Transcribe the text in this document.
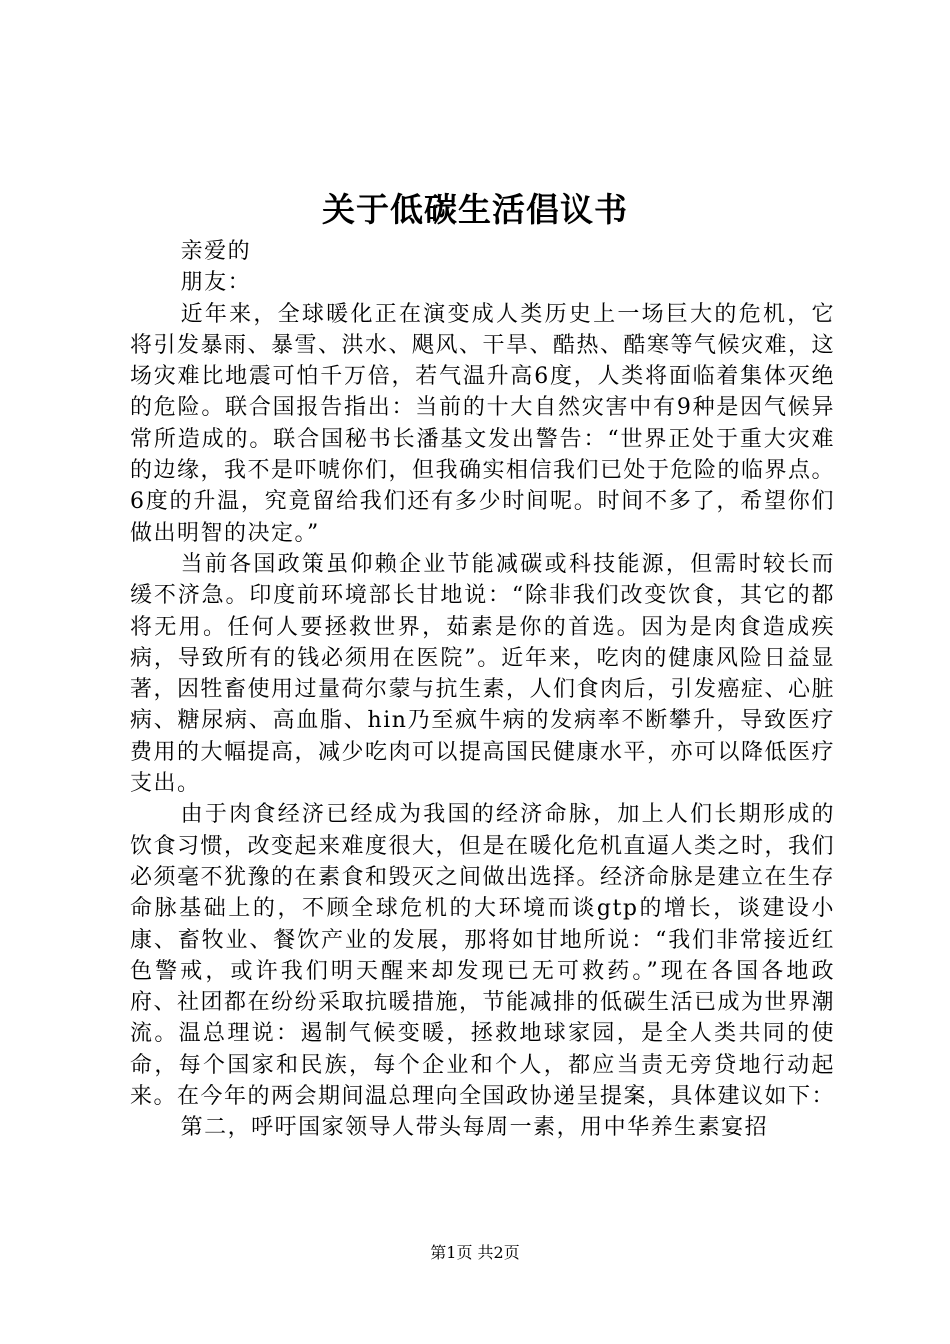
关于低碳生活倡议书

亲爱的

朋友：

近年来，全球暖化正在演变成人类历史上一场巨大的危机，它将引发暴雨、暴雪、洪水、飓风、干旱、酷热、酷寒等气候灾难，这场灾难比地震可怕千万倍，若气温升高6度，人类将面临着集体灭绝的危险。联合国报告指出：当前的十大自然灾害中有9种是因气候异常所造成的。联合国秘书长潘基文发出警告：“世界正处于重大灾难的边缘，我不是吓唬你们，但我确实相信我们已处于危险的临界点。6度的升温，究竟留给我们还有多少时间呢。时间不多了，希望你们做出明智的决定。”

当前各国政策虽仰赖企业节能减碳或科技能源，但需时较长而缓不济急。印度前环境部长甘地说：“除非我们改变饮食，其它的都将无用。任何人要拯救世界，茹素是你的首选。因为是肉食造成疾病，导致所有的钱必须用在医院”。近年来，吃肉的健康风险日益显著，因牲畜使用过量荷尔蒙与抗生素，人们食肉后，引发癌症、心脏病、糖尿病、高血脂、hin乃至疯牛病的发病率不断攀升，导致医疗费用的大幅提高，减少吃肉可以提高国民健康水平，亦可以降低医疗支出。

由于肉食经济已经成为我国的经济命脉，加上人们长期形成的饮食习惯，改变起来难度很大，但是在暖化危机直逼人类之时，我们必须毫不犹豫的在素食和毁灭之间做出选择。经济命脉是建立在生存命脉基础上的，不顾全球危机的大环境而谈gtp的增长，谈建设小康、畜牧业、餐饮产业的发展，那将如甘地所说：“我们非常接近红色警戒，或许我们明天醒来却发现已无可救药。”现在各国各地政府、社团都在纷纷采取抗暖措施，节能减排的低碳生活已成为世界潮流。温总理说：遏制气候变暖，拯救地球家园，是全人类共同的使命，每个国家和民族，每个企业和个人，都应当责无旁贷地行动起来。在今年的两会期间温总理向全国政协递呈提案，具体建议如下：

第二，呼吁国家领导人带头每周一素，用中华养生素宴招

第1页 共2页
